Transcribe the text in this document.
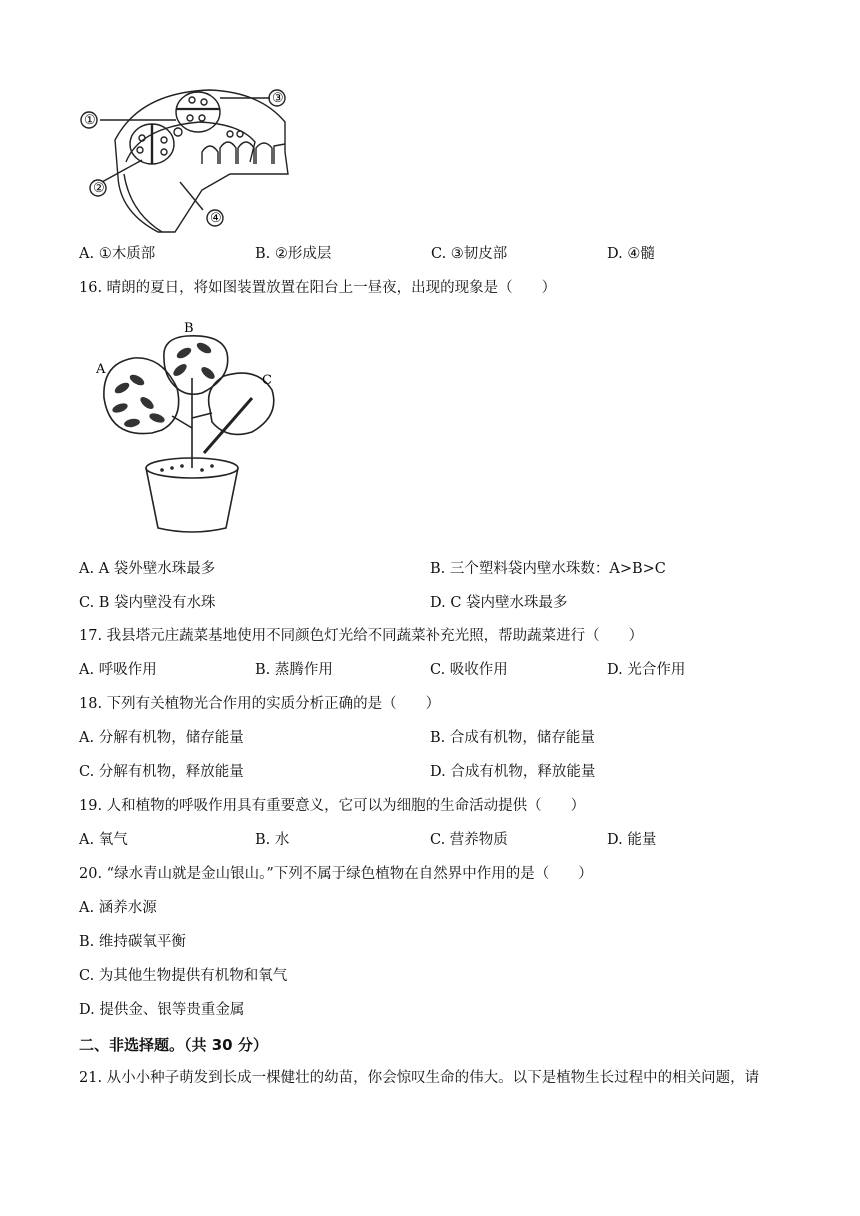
①
③
②
④
A. ①木质部	B. ②形成层	C. ③韧皮部	D. ④髓
16. 晴朗的夏日，将如图装置放置在阳台上一昼夜，出现的现象是（　　）
A
B
C
A. A 袋外壁水珠最多	B. 三个塑料袋内壁水珠数：A>B>C
C. B 袋内壁没有水珠	D. C 袋内壁水珠最多
17. 我县塔元庄蔬菜基地使用不同颜色灯光给不同蔬菜补充光照，帮助蔬菜进行（　　）
A. 呼吸作用	B. 蒸腾作用	C. 吸收作用	D. 光合作用
18. 下列有关植物光合作用的实质分析正确的是（　　）
A. 分解有机物，储存能量	B. 合成有机物，储存能量
C. 分解有机物，释放能量	D. 合成有机物，释放能量
19. 人和植物的呼吸作用具有重要意义，它可以为细胞的生命活动提供（　　）
A. 氧气	B. 水	C. 营养物质	D. 能量
20. “绿水青山就是金山银山。”下列不属于绿色植物在自然界中作用的是（　　）
A. 涵养水源
B. 维持碳氧平衡
C. 为其他生物提供有机物和氧气
D. 提供金、银等贵重金属
二、非选择题。（共 30 分）
21. 从小小种子萌发到长成一棵健壮的幼苗，你会惊叹生命的伟大。以下是植物生长过程中的相关问题，请
